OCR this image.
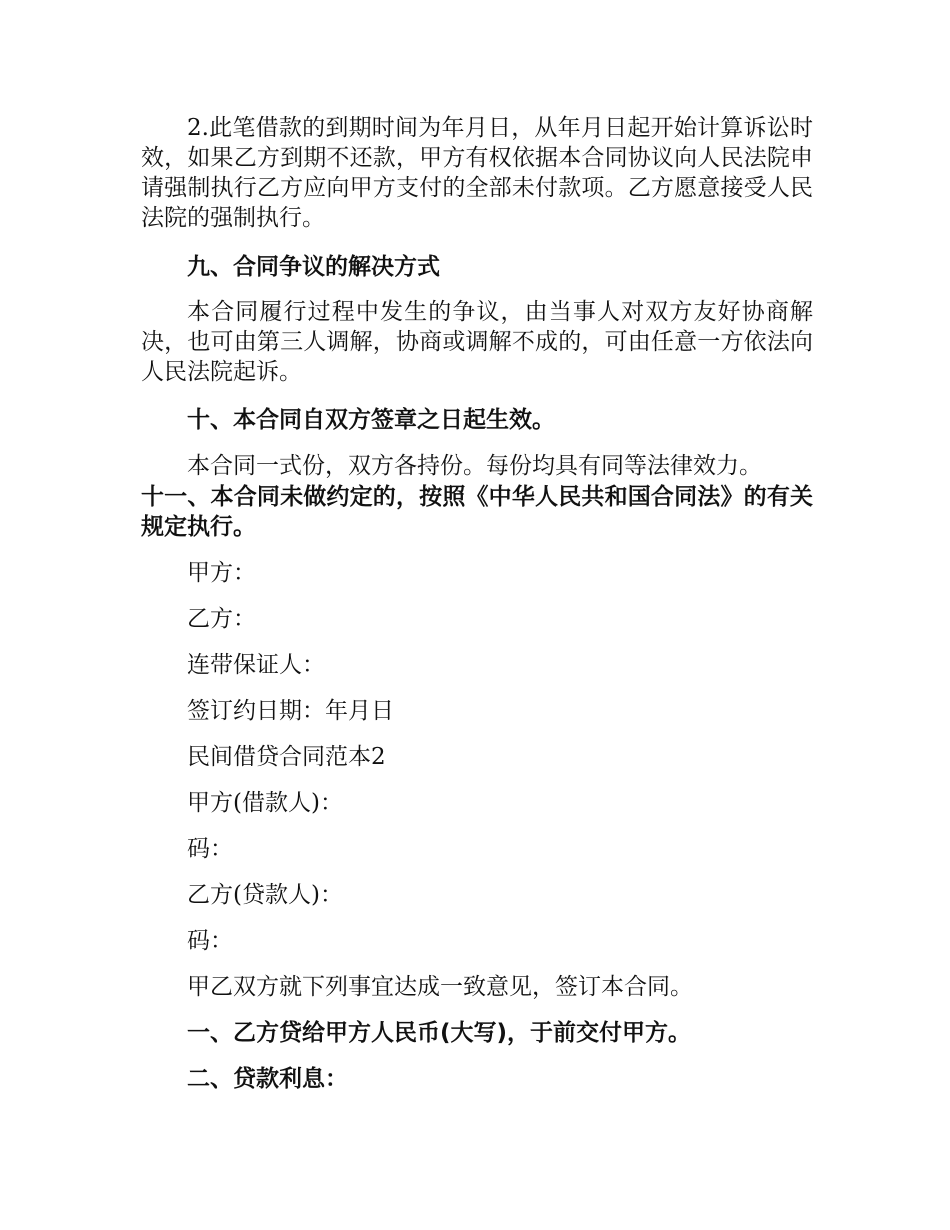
2.此笔借款的到期时间为年月日，从年月日起开始计算诉讼时效，如果乙方到期不还款，甲方有权依据本合同协议向人民法院申请强制执行乙方应向甲方支付的全部未付款项。乙方愿意接受人民法院的强制执行。

九、合同争议的解决方式

本合同履行过程中发生的争议，由当事人对双方友好协商解决，也可由第三人调解，协商或调解不成的，可由任意一方依法向人民法院起诉。

十、本合同自双方签章之日起生效。

本合同一式份，双方各持份。每份均具有同等法律效力。

十一、本合同未做约定的，按照《中华人民共和国合同法》的有关规定执行。

甲方：

乙方：

连带保证人：

签订约日期：年月日

民间借贷合同范本2

甲方(借款人)：

码：

乙方(贷款人)：

码：

甲乙双方就下列事宜达成一致意见，签订本合同。

一、乙方贷给甲方人民币(大写)，于前交付甲方。

二、贷款利息：
